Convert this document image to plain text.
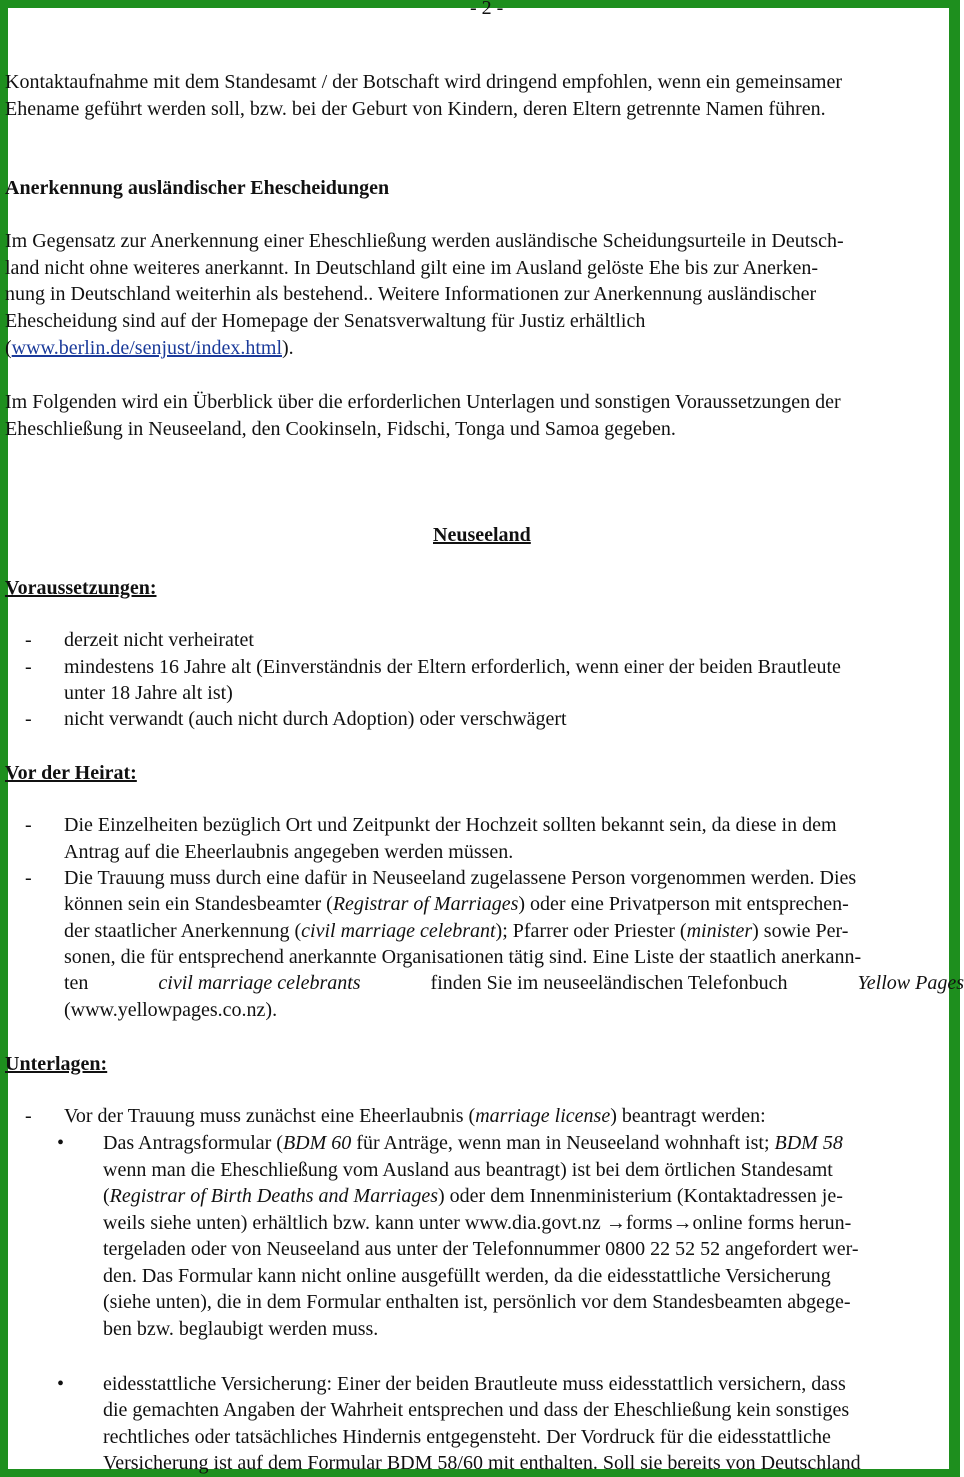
- 2 -
Kontaktaufnahme mit dem Standesamt / der Botschaft wird dringend empfohlen, wenn ein gemeinsamer
Ehename geführt werden soll, bzw. bei der Geburt von Kindern, deren Eltern getrennte Namen führen.
Anerkennung ausländischer Ehescheidungen
Im Gegensatz zur Anerkennung einer Eheschließung werden ausländische Scheidungsurteile in Deutsch-
land nicht ohne weiteres anerkannt. In Deutschland gilt eine im Ausland gelöste Ehe bis zur Anerken-
nung in Deutschland weiterhin als bestehend.. Weitere Informationen zur Anerkennung ausländischer
Ehescheidung sind auf der Homepage der Senatsverwaltung für Justiz erhältlich
(www.berlin.de/senjust/index.html).
Im Folgenden wird ein Überblick über die erforderlichen Unterlagen und sonstigen Voraussetzungen der
Eheschließung in Neuseeland, den Cookinseln, Fidschi, Tonga und Samoa gegeben.
Neuseeland
Voraussetzungen:
- derzeit nicht verheiratet
- mindestens 16 Jahre alt (Einverständnis der Eltern erforderlich, wenn einer der beiden Brautleute
unter 18 Jahre alt ist)
- nicht verwandt (auch nicht durch Adoption) oder verschwägert
Vor der Heirat:
- Die Einzelheiten bezüglich Ort und Zeitpunkt der Hochzeit sollten bekannt sein, da diese in dem
Antrag auf die Eheerlaubnis angegeben werden müssen.
- Die Trauung muss durch eine dafür in Neuseeland zugelassene Person vorgenommen werden. Dies
können sein ein Standesbeamter (Registrar of Marriages) oder eine Privatperson mit entsprechen-
der staatlicher Anerkennung (civil marriage celebrant); Pfarrer oder Priester (minister) sowie Per-
sonen, die für entsprechend anerkannte Organisationen tätig sind. Eine Liste der staatlich anerkann-
ten	civil marriage celebrants	finden Sie im neuseeländischen Telefonbuch	Yellow Pages
(www.yellowpages.co.nz).
Unterlagen:
- Vor der Trauung muss zunächst eine Eheerlaubnis (marriage license) beantragt werden:
•
Das Antragsformular (BDM 60 für Anträge, wenn man in Neuseeland wohnhaft ist; BDM 58
wenn man die Eheschließung vom Ausland aus beantragt) ist bei dem örtlichen Standesamt
(Registrar of Birth Deaths and Marriages) oder dem Innenministerium (Kontaktadressen je-
weils siehe unten) erhältlich bzw. kann unter www.dia.govt.nz →forms→online forms herun-
tergeladen oder von Neuseeland aus unter der Telefonnummer 0800 22 52 52 angefordert wer-
den. Das Formular kann nicht online ausgefüllt werden, da die eidesstattliche Versicherung
(siehe unten), die in dem Formular enthalten ist, persönlich vor dem Standesbeamten abgege-
ben bzw. beglaubigt werden muss.
•
eidesstattliche Versicherung: Einer der beiden Brautleute muss eidesstattlich versichern, dass
die gemachten Angaben der Wahrheit entsprechen und dass der Eheschließung kein sonstiges
rechtliches oder tatsächliches Hindernis entgegensteht. Der Vordruck für die eidesstattliche
Versicherung ist auf dem Formular BDM 58/60 mit enthalten. Soll sie bereits von Deutschland
